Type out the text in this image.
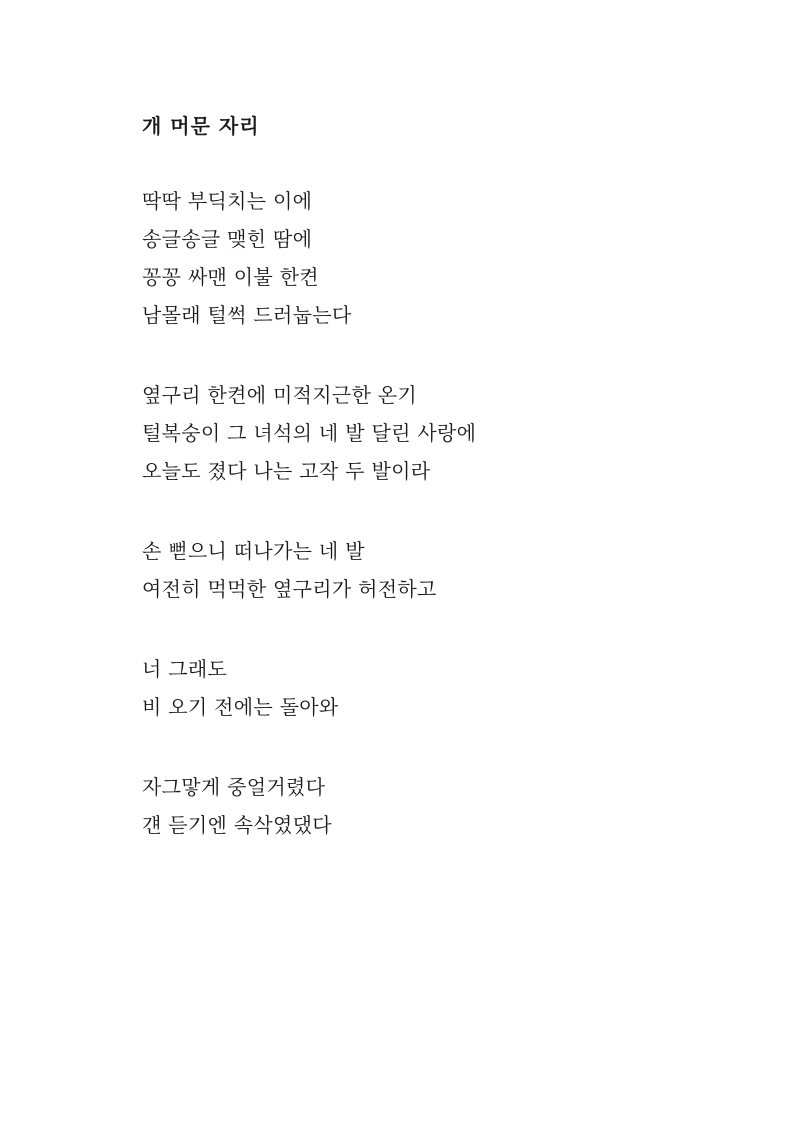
개 머문 자리
딱딱 부딕치는 이에
송글송글 맺힌 땀에
꽁꽁 싸맨 이불 한켠
남몰래 털썩 드러눕는다
옆구리 한켠에 미적지근한 온기
털복숭이 그 녀석의 네 발 달린 사랑에
오늘도 졌다 나는 고작 두 발이라
손 뻗으니 떠나가는 네 발
여전히 먹먹한 옆구리가 허전하고
너 그래도
비 오기 전에는 돌아와
자그맣게 중얼거렸다
걘 듣기엔 속삭였댔다
